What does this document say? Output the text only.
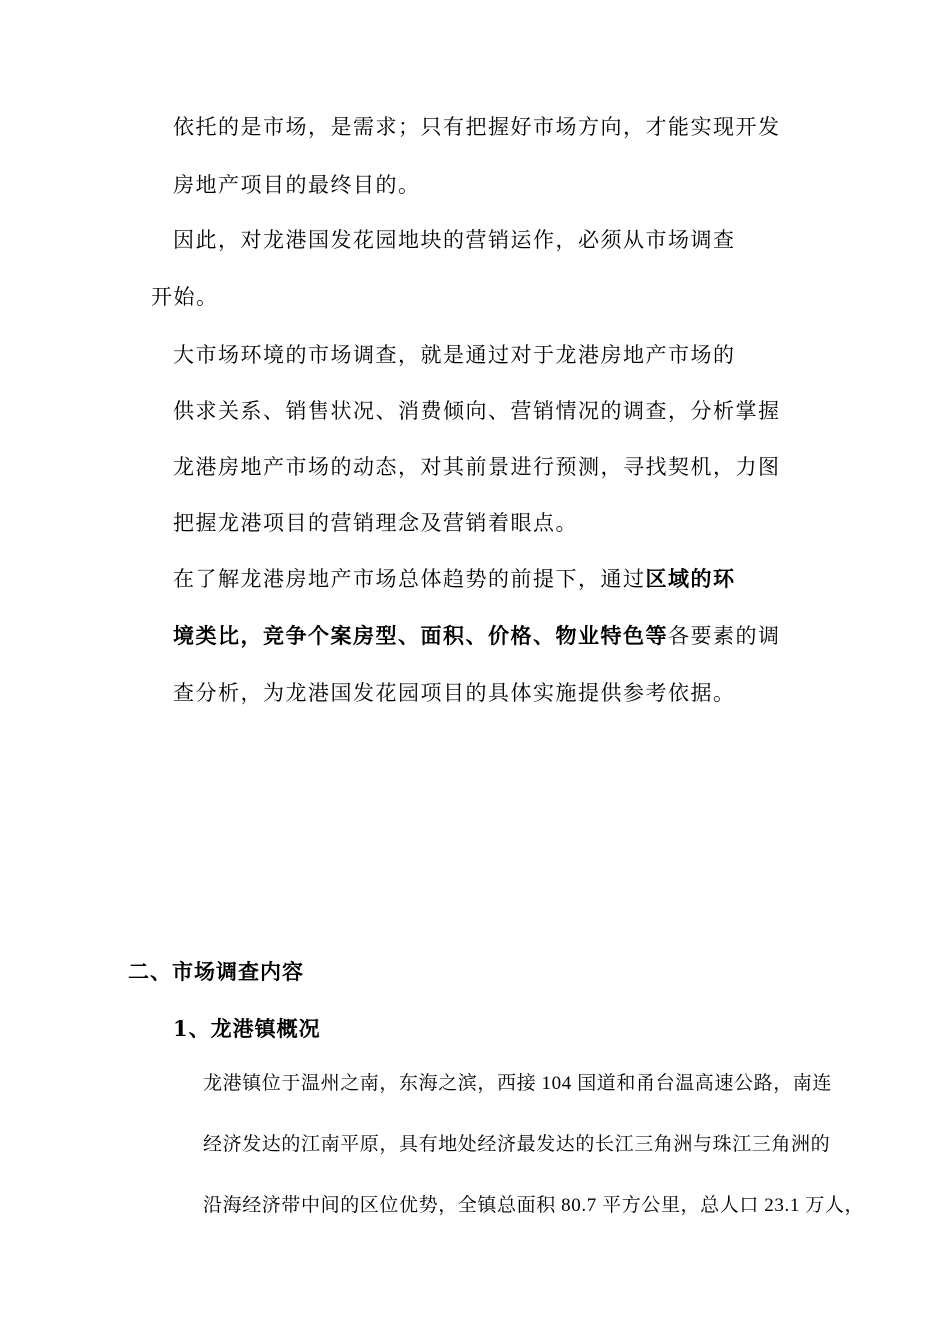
依托的是市场，是需求；只有把握好市场方向，才能实现开发
房地产项目的最终目的。
因此，对龙港国发花园地块的营销运作，必须从市场调查
开始。
大市场环境的市场调查，就是通过对于龙港房地产市场的
供求关系、销售状况、消费倾向、营销情况的调查，分析掌握
龙港房地产市场的动态，对其前景进行预测，寻找契机，力图
把握龙港项目的营销理念及营销着眼点。
在了解龙港房地产市场总体趋势的前提下，通过区域的环
境类比，竞争个案房型、面积、价格、物业特色等各要素的调
查分析，为龙港国发花园项目的具体实施提供参考依据。
二、市场调查内容
1、龙港镇概况
龙港镇位于温州之南，东海之滨，西接 104 国道和甬台温高速公路，南连
经济发达的江南平原，具有地处经济最发达的长江三角洲与珠江三角洲的
沿海经济带中间的区位优势，全镇总面积 80.7 平方公里，总人口 23.1 万人，
